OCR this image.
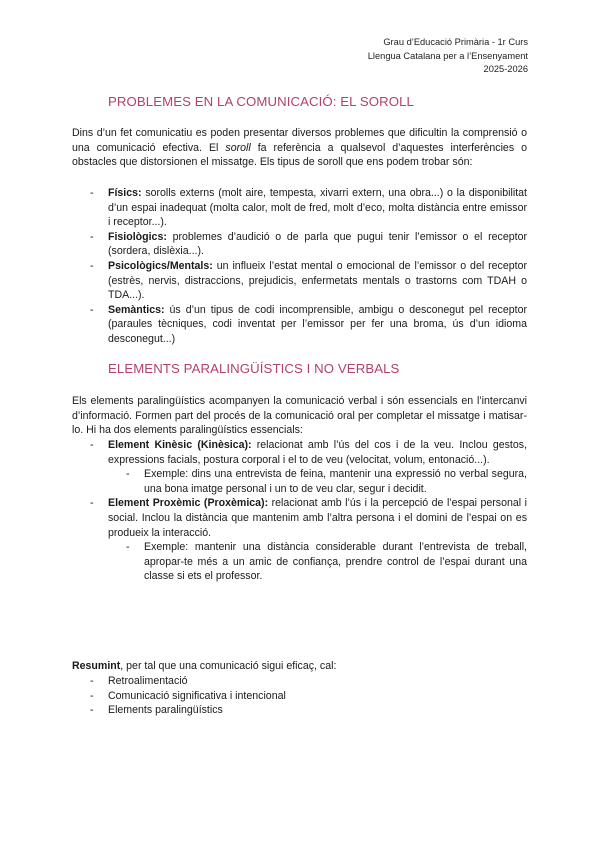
Grau d’Educació Primària - 1r Curs
Llengua Catalana per a l’Ensenyament
2025-2026
PROBLEMES EN LA COMUNICACIÓ: EL SOROLL

Dins d’un fet comunicatiu es poden presentar diversos problemes que dificultin la comprensió o una comunicació efectiva. El soroll fa referència a qualsevol d’aquestes interferències o obstacles que distorsionen el missatge. Els tipus de soroll que ens podem trobar són:

- Físics: sorolls externs (molt aire, tempesta, xivarri extern, una obra...) o la disponibilitat d’un espai inadequat (molta calor, molt de fred, molt d’eco, molta distància entre emissor i receptor...).
- Fisiològics: problemes d’audició o de parla que pugui tenir l’emissor o el receptor (sordera, dislèxia...).
- Psicològics/Mentals: un influeix l’estat mental o emocional de l’emissor o del receptor (estrès, nervis, distraccions, prejudicis, enfermetats mentals o trastorns com TDAH o TDA...).
- Semàntics: ús d’un tipus de codi incomprensible, ambigu o desconegut pel receptor (paraules tècniques, codi inventat per l’emissor per fer una broma, ús d’un idioma desconegut...)
ELEMENTS PARALINGÜÍSTICS I NO VERBALS

Els elements paralingüístics acompanyen la comunicació verbal i són essencials en l’intercanvi d’informació. Formen part del procés de la comunicació oral per completar el missatge i matisar-lo. Hi ha dos elements paralingüístics essencials:

- Element Kinèsic (Kinèsica): relacionat amb l’ús del cos i de la veu. Inclou gestos, expressions facials, postura corporal i el to de veu (velocitat, volum, entonació...).
- Exemple: dins una entrevista de feina, mantenir una expressió no verbal segura, una bona imatge personal i un to de veu clar, segur i decidit.
- Element Proxèmic (Proxèmica): relacionat amb l’ús i la percepció de l’espai personal i social. Inclou la distància que mantenim amb l’altra persona i el domini de l’espai on es produeix la interacció.
- Exemple: mantenir una distància considerable durant l’entrevista de treball, apropar-te més a un amic de confiança, prendre control de l’espai durant una classe si ets el professor.

Resumint, per tal que una comunicació sigui eficaç, cal:

- Retroalimentació
- Comunicació significativa i intencional
- Elements paralingüístics
